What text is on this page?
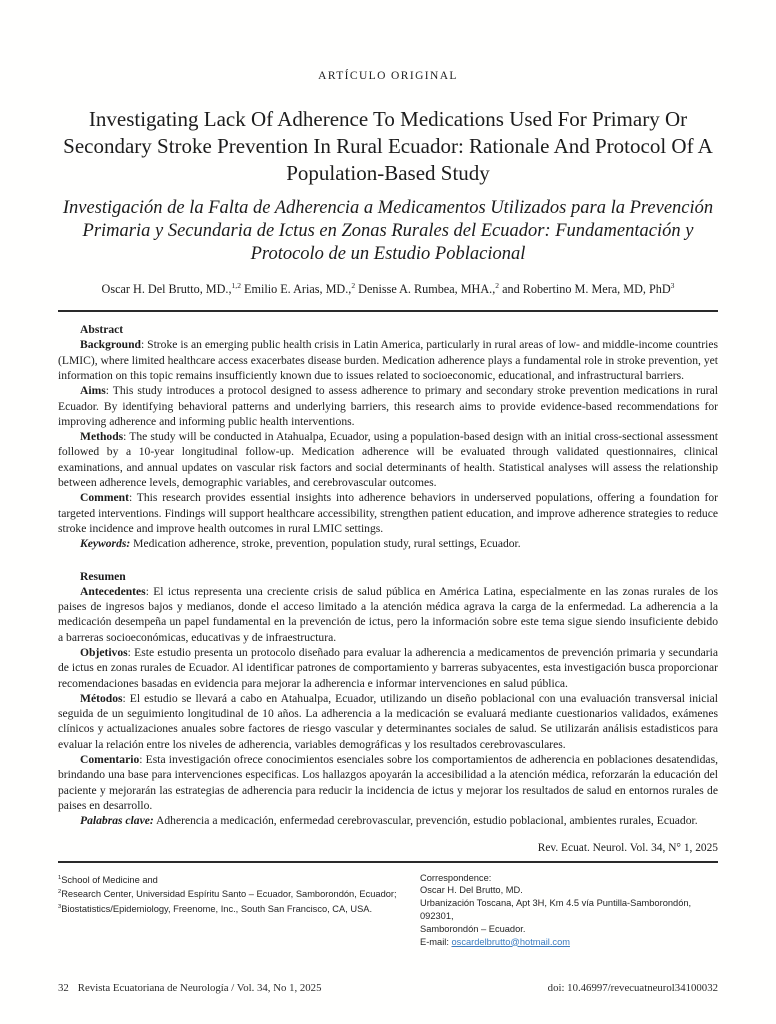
ARTÍCULO ORIGINAL
Investigating Lack Of Adherence To Medications Used For Primary Or Secondary Stroke Prevention In Rural Ecuador: Rationale And Protocol Of A Population-Based Study
Investigación de la Falta de Adherencia a Medicamentos Utilizados para la Prevención Primaria y Secundaria de Ictus en Zonas Rurales del Ecuador: Fundamentación y Protocolo de un Estudio Poblacional
Oscar H. Del Brutto, MD.,$^{1,2}$ Emilio E. Arias, MD.,$^2$ Denisse A. Rumbea, MHA.,$^2$ and Robertino M. Mera, MD, PhD$^3$

Abstract

Background: Stroke is an emerging public health crisis in Latin America, particularly in rural areas of low- and middle-income countries (LMIC), where limited healthcare access exacerbates disease burden. Medication adherence plays a fundamental role in stroke prevention, yet information on this topic remains insufficiently known due to issues related to socioeconomic, educational, and infrastructural barriers.

Aims: This study introduces a protocol designed to assess adherence to primary and secondary stroke prevention medications in rural Ecuador. By identifying behavioral patterns and underlying barriers, this research aims to provide evidence-based recommendations for improving adherence and informing public health interventions.

Methods: The study will be conducted in Atahualpa, Ecuador, using a population-based design with an initial cross-sectional assessment followed by a 10-year longitudinal follow-up. Medication adherence will be evaluated through validated questionnaires, clinical examinations, and annual updates on vascular risk factors and social determinants of health. Statistical analyses will assess the relationship between adherence levels, demographic variables, and cerebrovascular outcomes.

Comment: This research provides essential insights into adherence behaviors in underserved populations, offering a foundation for targeted interventions. Findings will support healthcare accessibility, strengthen patient education, and improve adherence strategies to reduce stroke incidence and improve health outcomes in rural LMIC settings.

Keywords: Medication adherence, stroke, prevention, population study, rural settings, Ecuador.

Resumen

Antecedentes: El ictus representa una creciente crisis de salud pública en América Latina, especialmente en las zonas rurales de los paises de ingresos bajos y medianos, donde el acceso limitado a la atención médica agrava la carga de la enfermedad. La adherencia a la medicación desempeña un papel fundamental en la prevención de ictus, pero la información sobre este tema sigue siendo insuficiente debido a barreras socioeconómicas, educativas y de infraestructura.

Objetivos: Este estudio presenta un protocolo diseñado para evaluar la adherencia a medicamentos de prevención primaria y secundaria de ictus en zonas rurales de Ecuador. Al identificar patrones de comportamiento y barreras subyacentes, esta investigación busca proporcionar recomendaciones basadas en evidencia para mejorar la adherencia e informar intervenciones en salud pública.

Métodos: El estudio se llevará a cabo en Atahualpa, Ecuador, utilizando un diseño poblacional con una evaluación transversal inicial seguida de un seguimiento longitudinal de 10 años. La adherencia a la medicación se evaluará mediante cuestionarios validados, exámenes clínicos y actualizaciones anuales sobre factores de riesgo vascular y determinantes sociales de salud. Se utilizarán análisis estadisticos para evaluar la relación entre los niveles de adherencia, variables demográficas y los resultados cerebrovasculares.

Comentario: Esta investigación ofrece conocimientos esenciales sobre los comportamientos de adherencia en poblaciones desatendidas, brindando una base para intervenciones especificas. Los hallazgos apoyarán la accesibilidad a la atención médica, reforzarán la educación del paciente y mejorarán las estrategias de adherencia para reducir la incidencia de ictus y mejorar los resultados de salud en entornos rurales de paises en desarrollo.

Palabras clave: Adherencia a medicación, enfermedad cerebrovascular, prevención, estudio poblacional, ambientes rurales, Ecuador.

Rev. Ecuat. Neurol. Vol. 34, N° 1, 2025
$^1$School of Medicine and
$^2$Research Center, Universidad Espíritu Santo – Ecuador, Samborondón, Ecuador;
$^3$Biostatistics/Epidemiology, Freenome, Inc., South San Francisco, CA, USA.
Correspondence:
Oscar H. Del Brutto, MD.
Urbanización Toscana, Apt 3H, Km 4.5 vía Puntilla-Samborondón, 092301,
Samborondón – Ecuador.
E-mail: oscardelbrutto@hotmail.com
32 Revista Ecuatoriana de Neurología / Vol. 34, No 1, 2025	doi: 10.46997/revecuatneurol34100032
